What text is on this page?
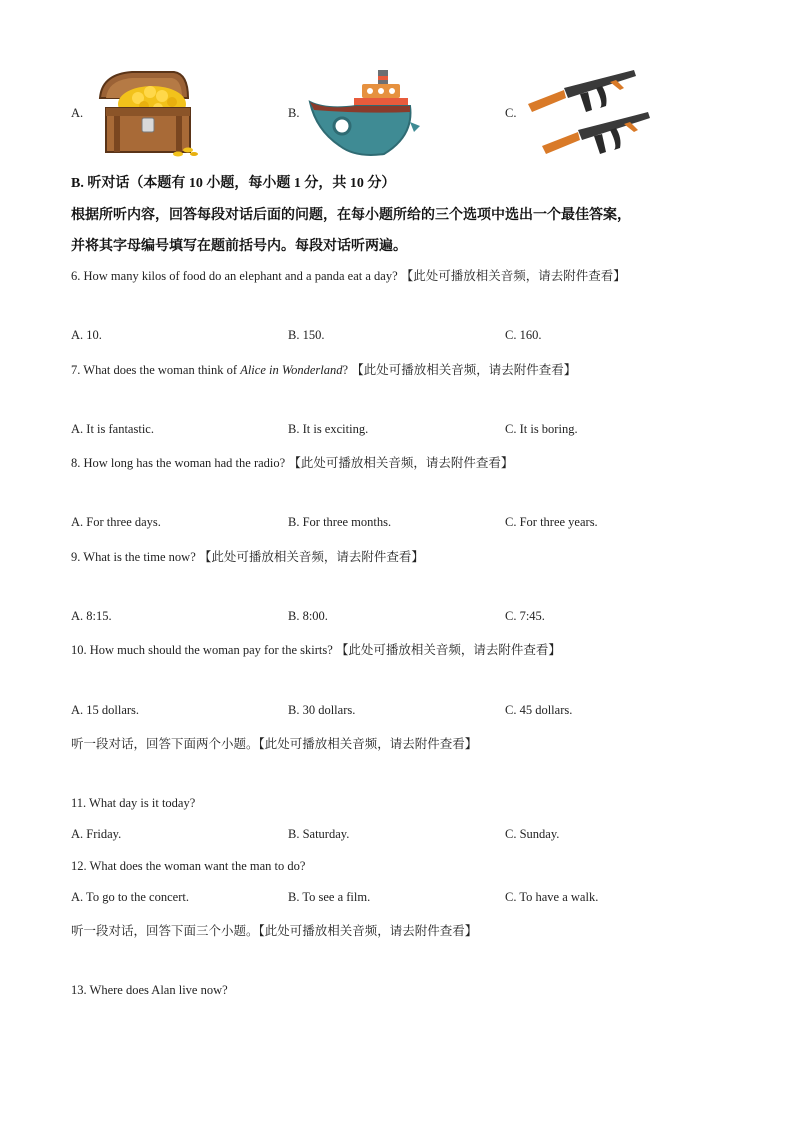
A.	B.	C.
B. 听对话（本题有 10 小题，每小题 1 分，共 10 分）
根据所听内容，回答每段对话后面的问题，在每小题所给的三个选项中选出一个最佳答案，
并将其字母编号填写在题前括号内。每段对话听两遍。
6. How many kilos of food do an elephant and a panda eat a day? 【此处可播放相关音频，请去附件查看】
A. 10.	B. 150.	C. 160.
7. What does the woman think of Alice in Wonderland? 【此处可播放相关音频，请去附件查看】
A. It is fantastic.	B. It is exciting.	C. It is boring.
8. How long has the woman had the radio? 【此处可播放相关音频，请去附件查看】
A. For three days.	B. For three months.	C. For three years.
9. What is the time now? 【此处可播放相关音频，请去附件查看】
A. 8:15.	B. 8:00.	C. 7:45.
10. How much should the woman pay for the skirts? 【此处可播放相关音频，请去附件查看】
A. 15 dollars.	B. 30 dollars.	C. 45 dollars.
听一段对话，回答下面两个小题。【此处可播放相关音频，请去附件查看】
11. What day is it today?
A. Friday.	B. Saturday.	C. Sunday.
12. What does the woman want the man to do?
A. To go to the concert.	B. To see a film.	C. To have a walk.
听一段对话，回答下面三个小题。【此处可播放相关音频，请去附件查看】
13. Where does Alan live now?
